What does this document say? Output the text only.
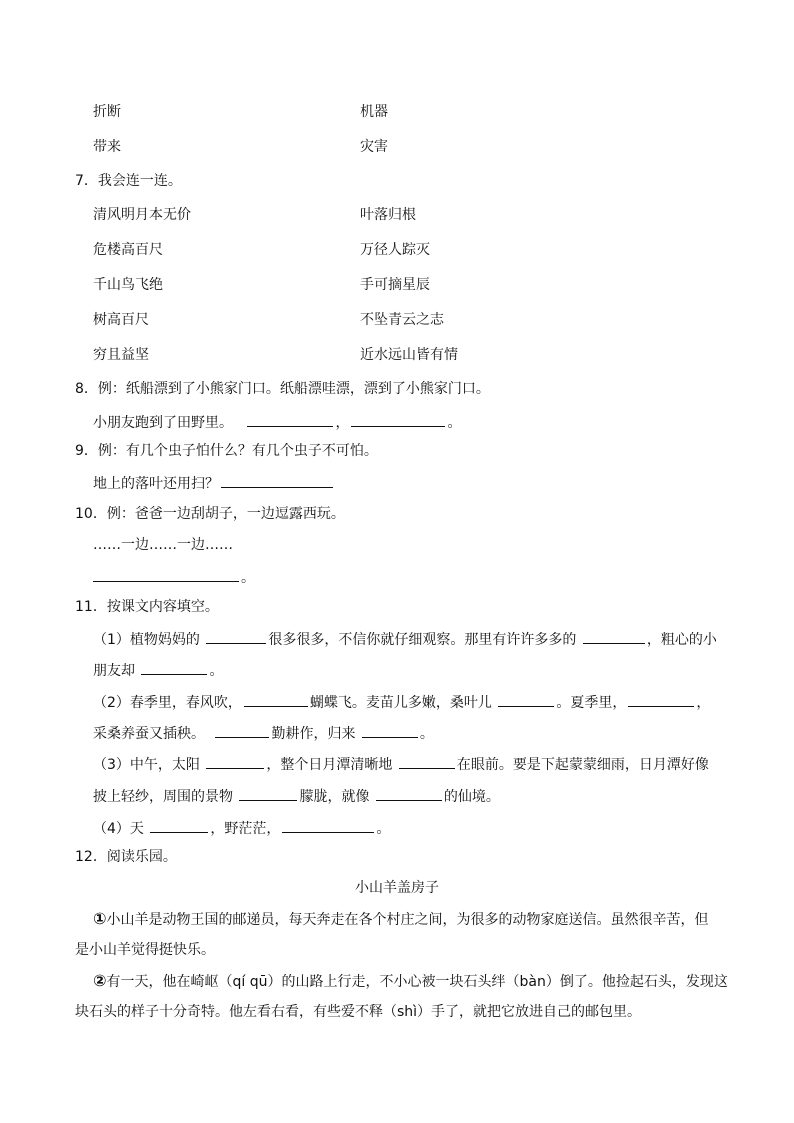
折断	机器
带来	灾害
7．我会连一连。
清风明月本无价	叶落归根
危楼高百尺	万径人踪灭
千山鸟飞绝	手可摘星辰
树高百尺	不坠青云之志
穷且益坚	近水远山皆有情
8．例：纸船漂到了小熊家门口。纸船漂哇漂，漂到了小熊家门口。
小朋友跑到了田野里。	，	。
9．例：有几个虫子怕什么？有几个虫子不可怕。
地上的落叶还用扫？
10．例：爸爸一边刮胡子，一边逗露西玩。
……一边……一边……
。
11．按课文内容填空。
（1）植物妈妈的	很多很多，不信你就仔细观察。那里有许许多多的	，粗心的小
朋友却	。
（2）春季里，春风吹，	蝴蝶飞。麦苗儿多嫩，桑叶儿	。夏季里，	，
采桑养蚕又插秧。	勤耕作，归来	。
（3）中午，太阳	，整个日月潭清晰地	在眼前。要是下起蒙蒙细雨，日月潭好像
披上轻纱，周围的景物	朦胧，就像	的仙境。
（4）天	，野茫茫，	。
12．阅读乐园。
小山羊盖房子
①小山羊是动物王国的邮递员，每天奔走在各个村庄之间，为很多的动物家庭送信。虽然很辛苦，但
是小山羊觉得挺快乐。
②有一天，他在崎岖（qí qū）的山路上行走，不小心被一块石头绊（bàn）倒了。他捡起石头，发现这
块石头的样子十分奇特。他左看右看，有些爱不释（shì）手了，就把它放进自己的邮包里。
